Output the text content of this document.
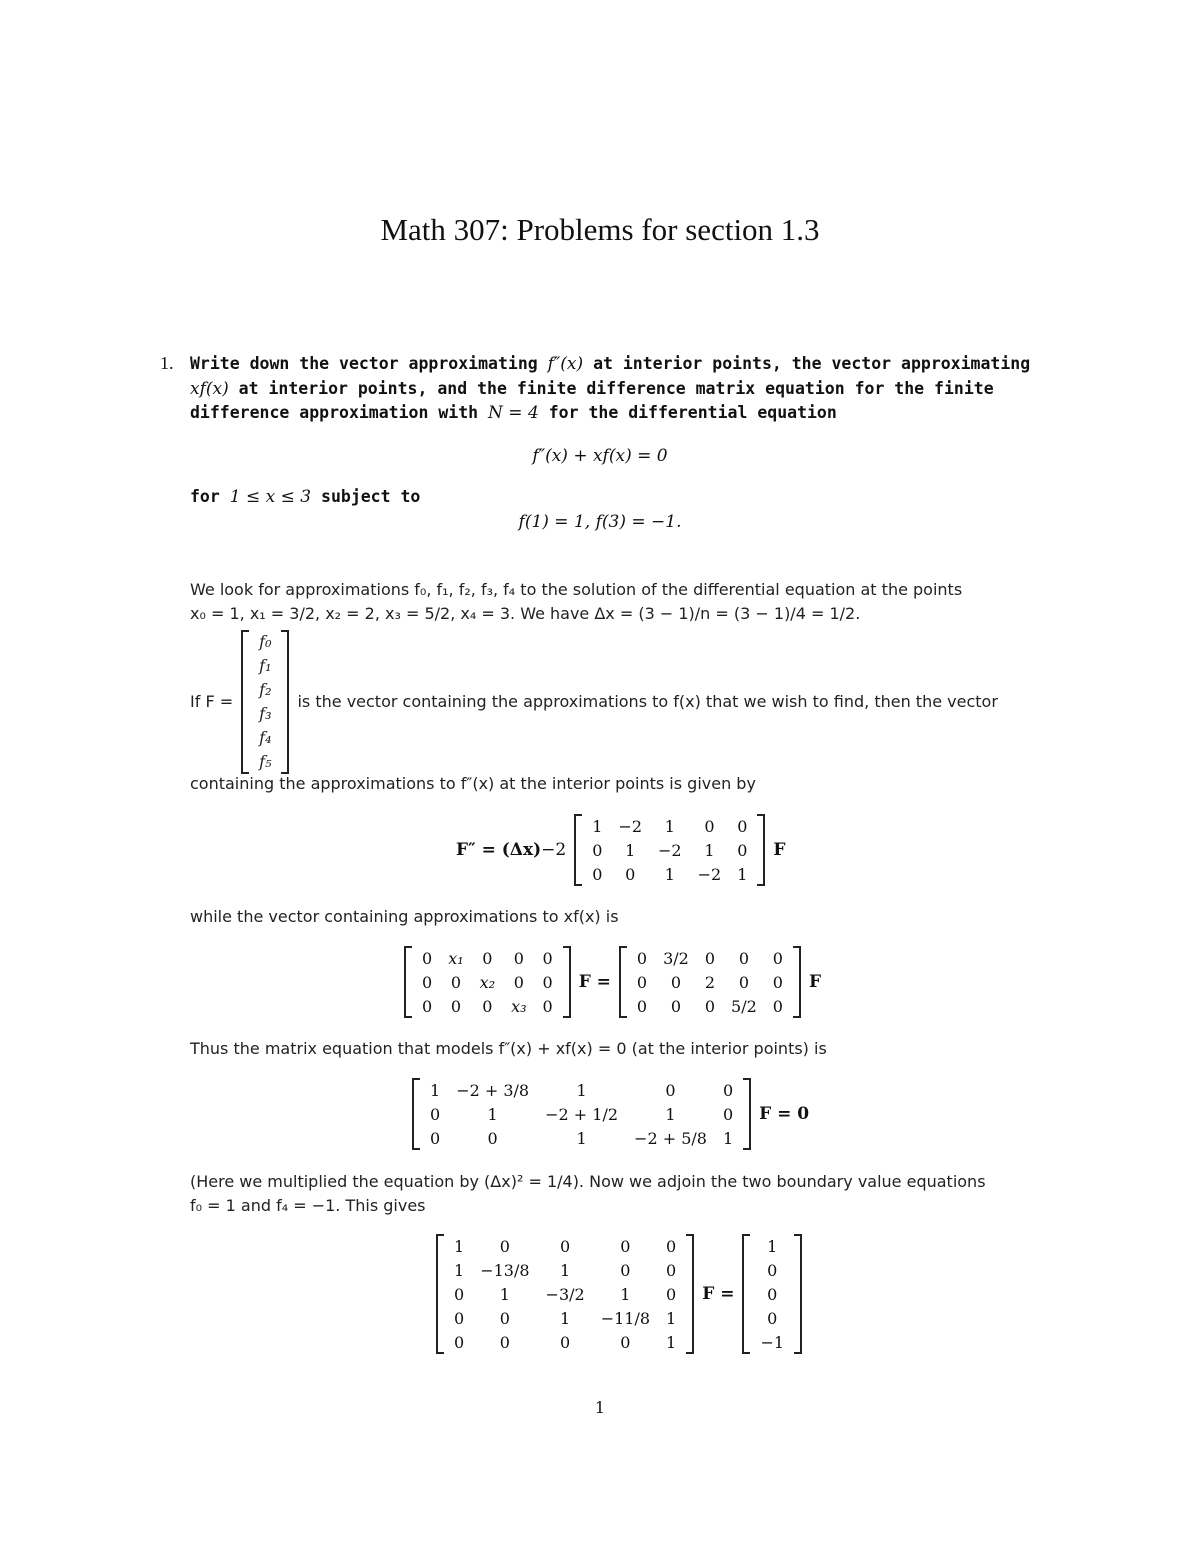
Math 307: Problems for section 1.3
1. Write down the vector approximating f″(x) at interior points, the vector approximating xf(x) at interior points, and the finite difference matrix equation for the finite difference approximation with N = 4 for the differential equation
f″(x) + xf(x) = 0
for 1 ≤ x ≤ 3 subject to
f(1) = 1, f(3) = −1.
We look for approximations f₀, f₁, f₂, f₃, f₄ to the solution of the differential equation at the points
x₀ = 1, x₁ = 3/2, x₂ = 2, x₃ = 5/2, x₄ = 3. We have Δx = (3 − 1)/n = (3 − 1)/4 = 1/2.
If F =
f₀
f₁
f₂
f₃
f₄
f₅
is the vector containing the approximations to f(x) that we wish to find, then the vector
containing the approximations to f″(x) at the interior points is given by
F″ = (Δx) −2
1	−2	1	0	0
0	1	−2	1	0
0	0	1	−2	1
F
while the vector containing approximations to xf(x) is
0	x₁	0	0	0
0	0	x₂	0	0
0	0	0	x₃	0
F =
0	3/2	0	0	0
0	0	2	0	0
0	0	0	5/2	0
F
Thus the matrix equation that models f″(x) + xf(x) = 0 (at the interior points) is
1	−2 + 3/8	1	0	0
0	1	−2 + 1/2	1	0
0	0	1	−2 + 5/8	1
F = 0
(Here we multiplied the equation by (Δx)² = 1/4). Now we adjoin the two boundary value equations
f₀ = 1 and f₄ = −1. This gives
1	0	0	0	0
1	−13/8	1	0	0
0	1	−3/2	1	0
0	0	1	−11/8	1
0	0	0	0	1
F =
1
0
0
0
−1
1
